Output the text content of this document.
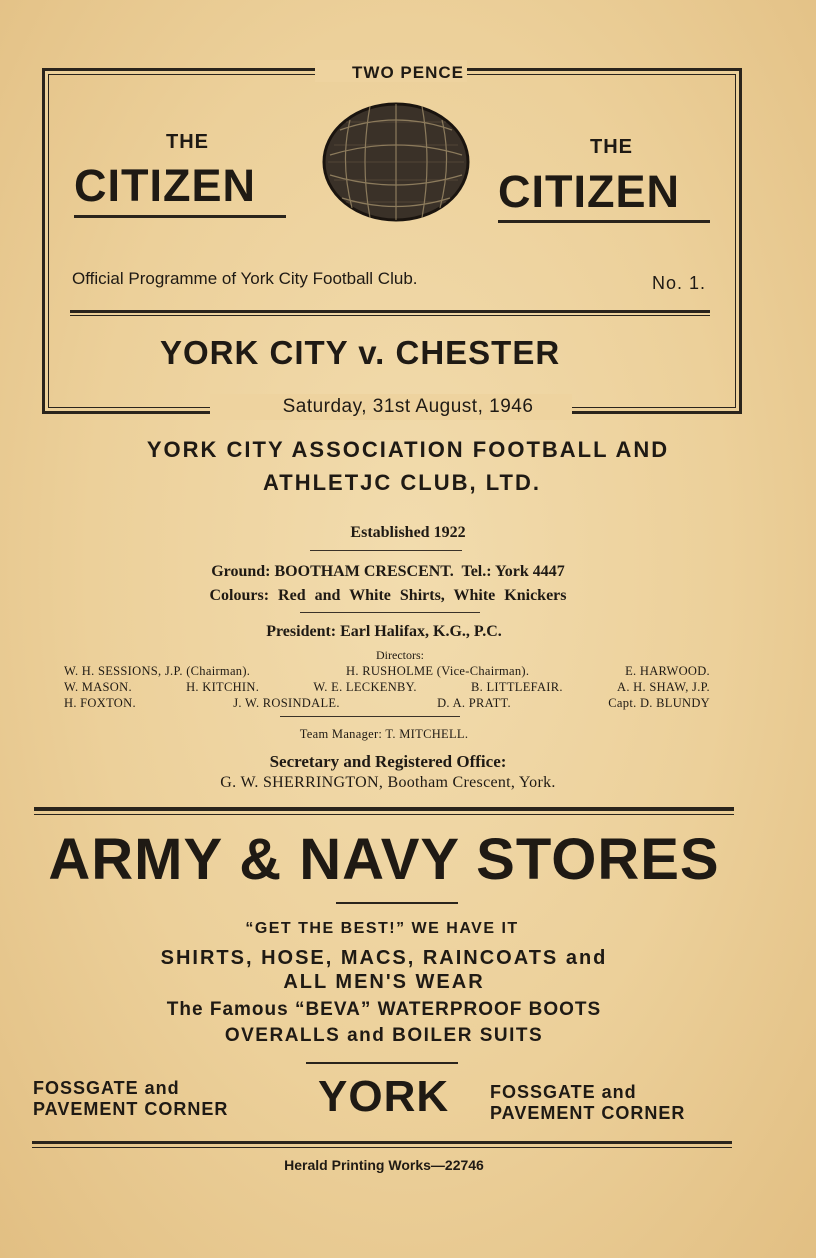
TWO PENCE
THE
CITIZEN
THE
CITIZEN
Official Programme of York City Football Club.	No. 1.
YORK CITY v. CHESTER
Saturday, 31st August, 1946
YORK CITY ASSOCIATION FOOTBALL AND
ATHLETJC CLUB, LTD.
Established 1922
Ground: BOOTHAM CRESCENT.  Tel.: York 4447
Colours: Red and White Shirts, White Knickers
President: Earl Halifax, K.G., P.C.
Directors:
W. H. SESSIONS, J.P. (Chairman).	H. RUSHOLME (Vice-Chairman).	E. HARWOOD.
W. MASON.	H. KITCHIN.	W. E. LECKENBY.	B. LITTLEFAIR.	A. H. SHAW, J.P.
H. FOXTON.	J. W. ROSINDALE.	D. A. PRATT.	Capt. D. BLUNDY
Team Manager: T. MITCHELL.
Secretary and Registered Office:
G. W. SHERRINGTON, Bootham Crescent, York.
ARMY & NAVY STORES
“GET THE BEST!” WE HAVE IT
SHIRTS, HOSE, MACS, RAINCOATS and
ALL MEN'S WEAR
The Famous “BEVA” WATERPROOF BOOTS
OVERALLS and BOILER SUITS
FOSSGATE and
PAVEMENT CORNER YORK FOSSGATE and
PAVEMENT CORNER
Herald Printing Works—22746
